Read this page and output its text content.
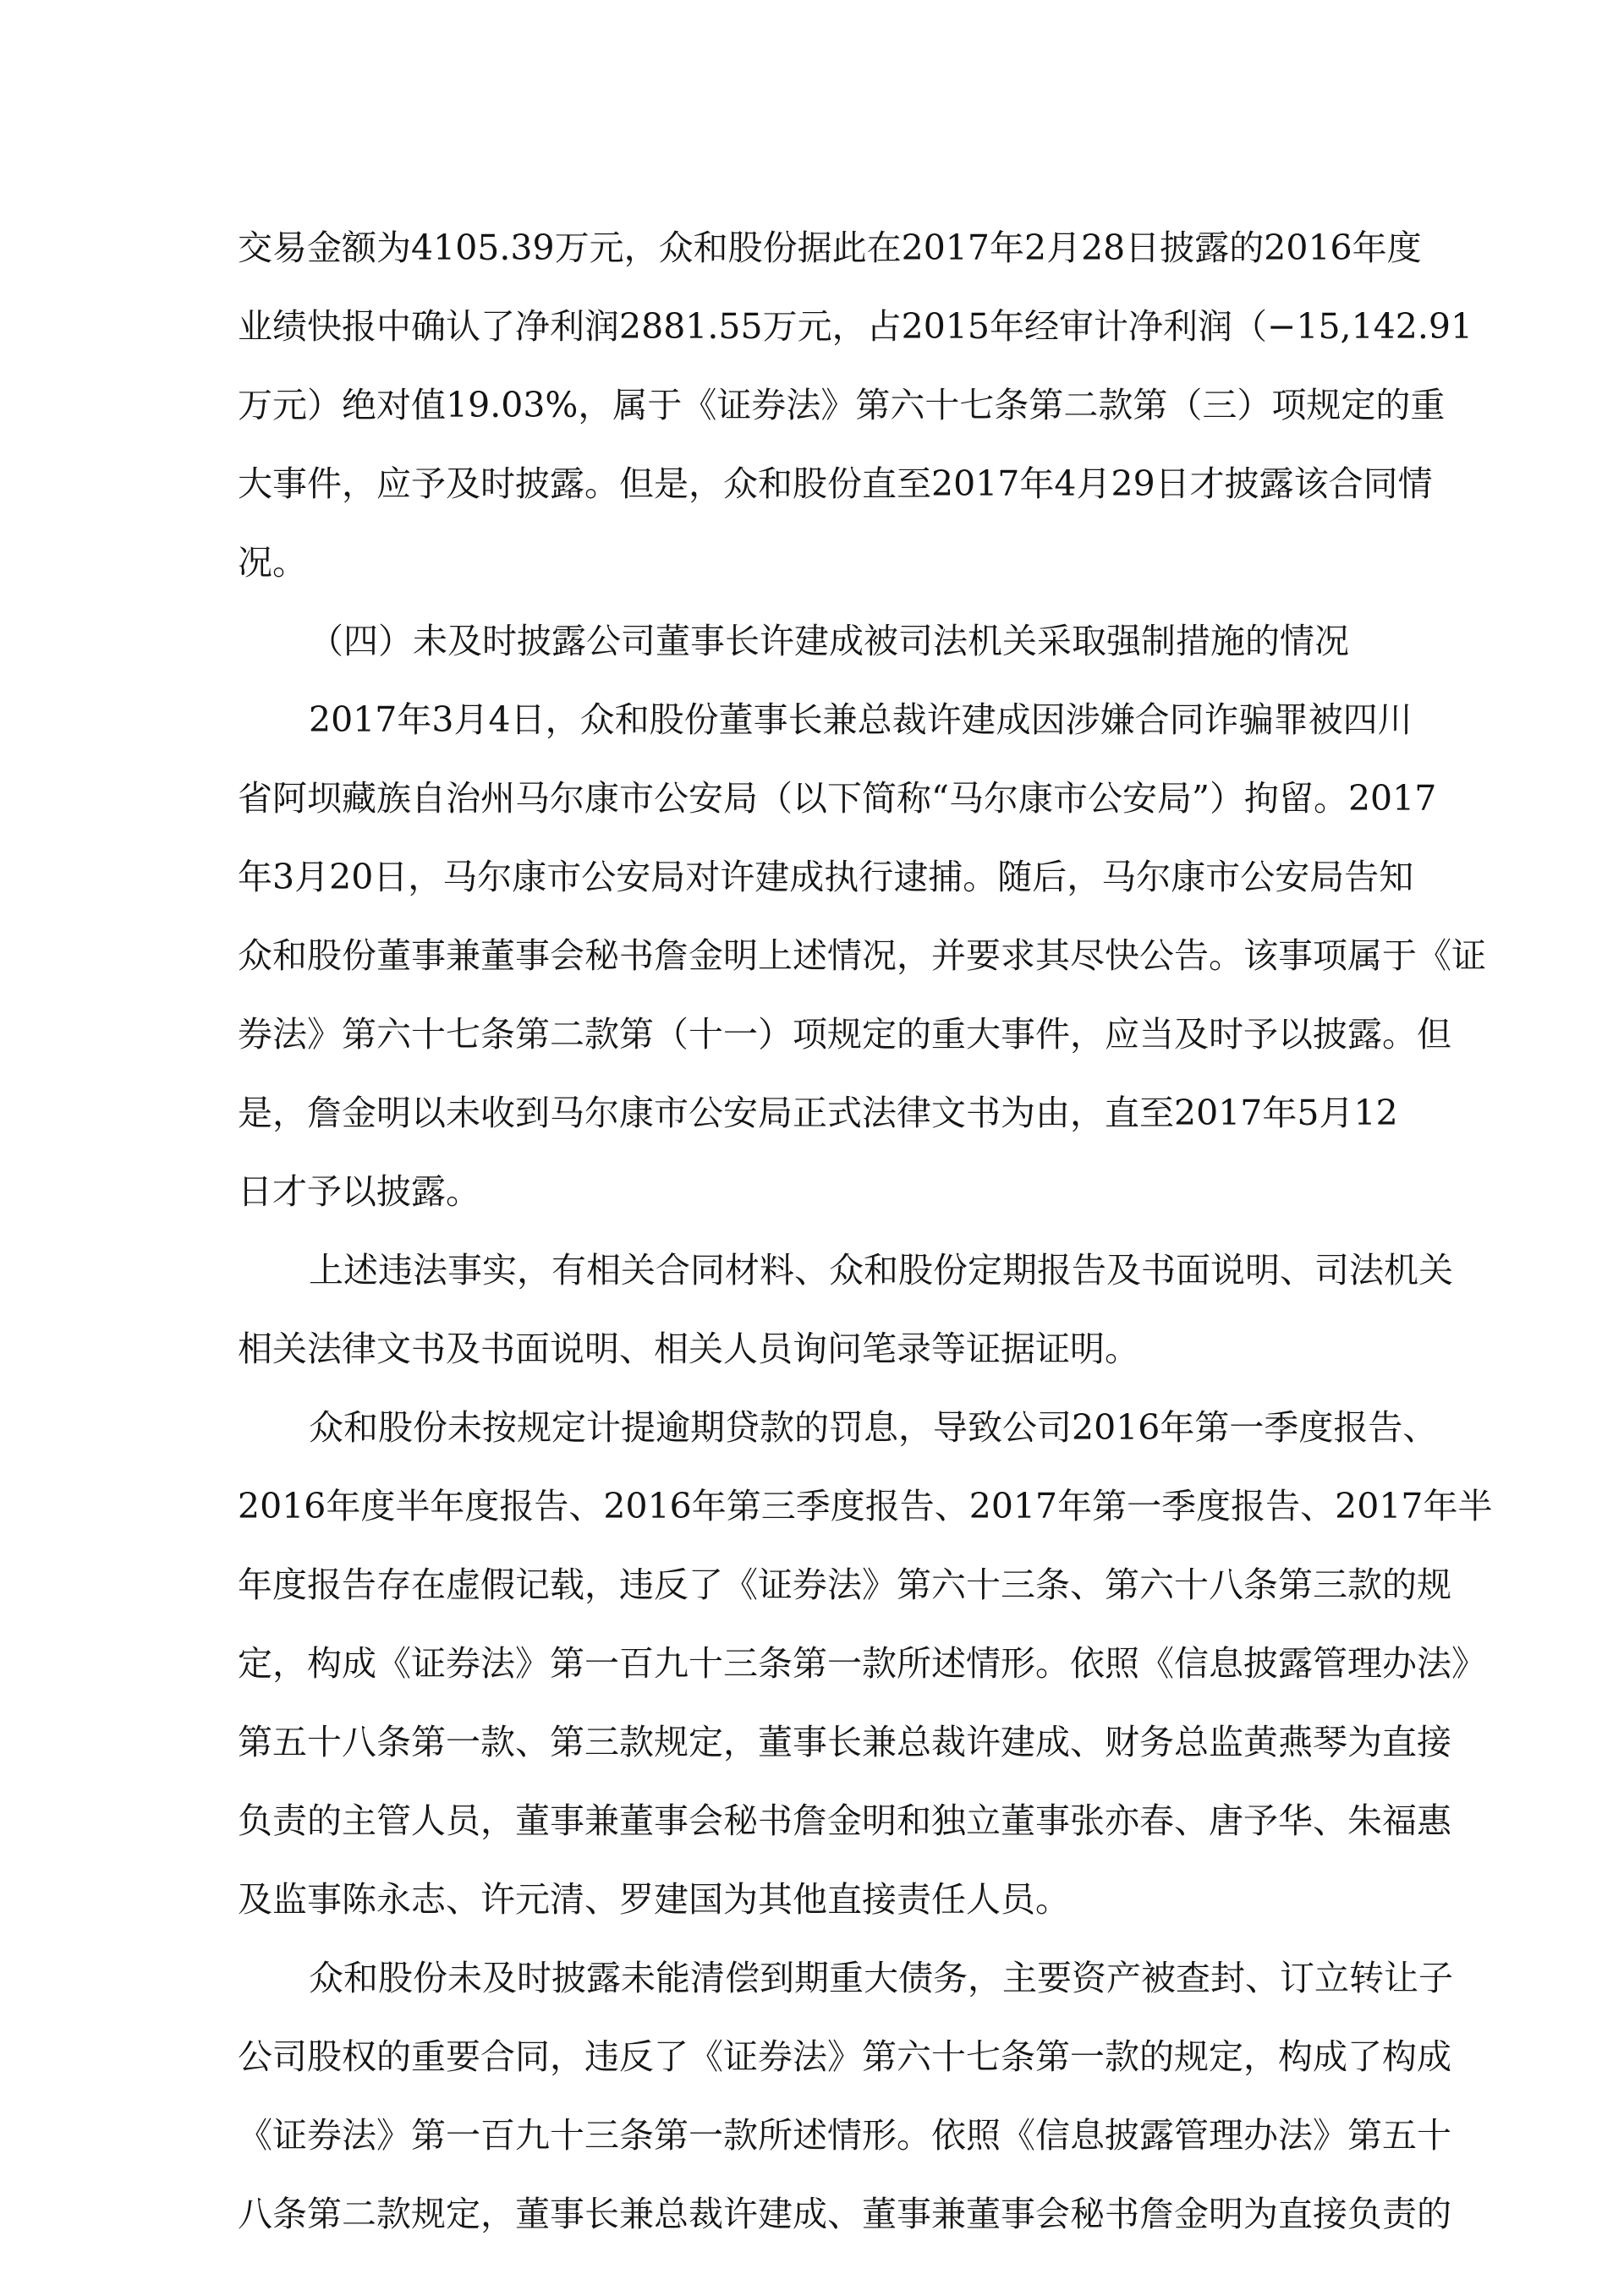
交 易 金 额 为 4 1 0 5 . 3 9 万 元 ， 众 和 股 份 据 此 在 2 0 1 7 年 2 月 2 8 日 披 露 的 2 0 1 6 年 度
业 绩 快 报 中 确 认 了 净 利 润 2 8 8 1 . 5 5 万 元 ， 占 2 0 1 5 年 经 审 计 净 利 润 （ − 1 5 , 1 4 2 . 9 1
万 元 ） 绝 对 值 1 9 . 0 3 % ， 属 于 《 证 券 法 》 第 六 十 七 条 第 二 款 第 （ 三 ） 项 规 定 的 重
大 事 件 ， 应 予 及 时 披 露 。 但 是 ， 众 和 股 份 直 至 2 0 1 7 年 4 月 2 9 日 才 披 露 该 合 同 情
况。
（四）未及时披露公司董事长许建成被司法机关采取强制措施的情况
2 0 1 7 年 3 月 4 日 ， 众 和 股 份 董 事 长 兼 总 裁 许 建 成 因 涉 嫌 合 同 诈 骗 罪 被 四 川
省 阿 坝 藏 族 自 治 州 马 尔 康 市 公 安 局 （ 以 下 简 称 “ 马 尔 康 市 公 安 局 ” ） 拘 留 。 2 0 1 7
年 3 月 2 0 日 ， 马 尔 康 市 公 安 局 对 许 建 成 执 行 逮 捕 。 随 后 ， 马 尔 康 市 公 安 局 告 知
众 和 股 份 董 事 兼 董 事 会 秘 书 詹 金 明 上 述 情 况 ， 并 要 求 其 尽 快 公 告 。 该 事 项 属 于 《 证
券 法 》 第 六 十 七 条 第 二 款 第 （ 十 一 ） 项 规 定 的 重 大 事 件 ， 应 当 及 时 予 以 披 露 。 但
是 ， 詹 金 明 以 未 收 到 马 尔 康 市 公 安 局 正 式 法 律 文 书 为 由 ， 直 至 2 0 1 7 年 5 月 1 2
日才予以披露。
上 述 违 法 事 实 ， 有 相 关 合 同 材 料 、 众 和 股 份 定 期 报 告 及 书 面 说 明 、 司 法 机 关
相关法律文书及书面说明、相关人员询问笔录等证据证明。
众 和 股 份 未 按 规 定 计 提 逾 期 贷 款 的 罚 息 ， 导 致 公 司 2 0 1 6 年 第 一 季 度 报 告 、
2 0 1 6 年 度 半 年 度 报 告 、 2 0 1 6 年 第 三 季 度 报 告 、 2 0 1 7 年 第 一 季 度 报 告 、 2 0 1 7 年 半
年 度 报 告 存 在 虚 假 记 载 ， 违 反 了 《 证 券 法 》 第 六 十 三 条 、 第 六 十 八 条 第 三 款 的 规
定 ， 构 成 《 证 券 法 》 第 一 百 九 十 三 条 第 一 款 所 述 情 形 。 依 照 《 信 息 披 露 管 理 办 法 》
第 五 十 八 条 第 一 款 、 第 三 款 规 定 ， 董 事 长 兼 总 裁 许 建 成 、 财 务 总 监 黄 燕 琴 为 直 接
负 责 的 主 管 人 员 ， 董 事 兼 董 事 会 秘 书 詹 金 明 和 独 立 董 事 张 亦 春 、 唐 予 华 、 朱 福 惠
及监事陈永志、许元清、罗建国为其他直接责任人员。
众 和 股 份 未 及 时 披 露 未 能 清 偿 到 期 重 大 债 务 ， 主 要 资 产 被 查 封 、 订 立 转 让 子
公 司 股 权 的 重 要 合 同 ， 违 反 了 《 证 券 法 》 第 六 十 七 条 第 一 款 的 规 定 ， 构 成 了 构 成
《 证 券 法 》 第 一 百 九 十 三 条 第 一 款 所 述 情 形 。 依 照 《 信 息 披 露 管 理 办 法 》 第 五 十
八条第二款规定，董事长兼总裁许建成、董事兼董事会秘书詹金明为直接负责的
